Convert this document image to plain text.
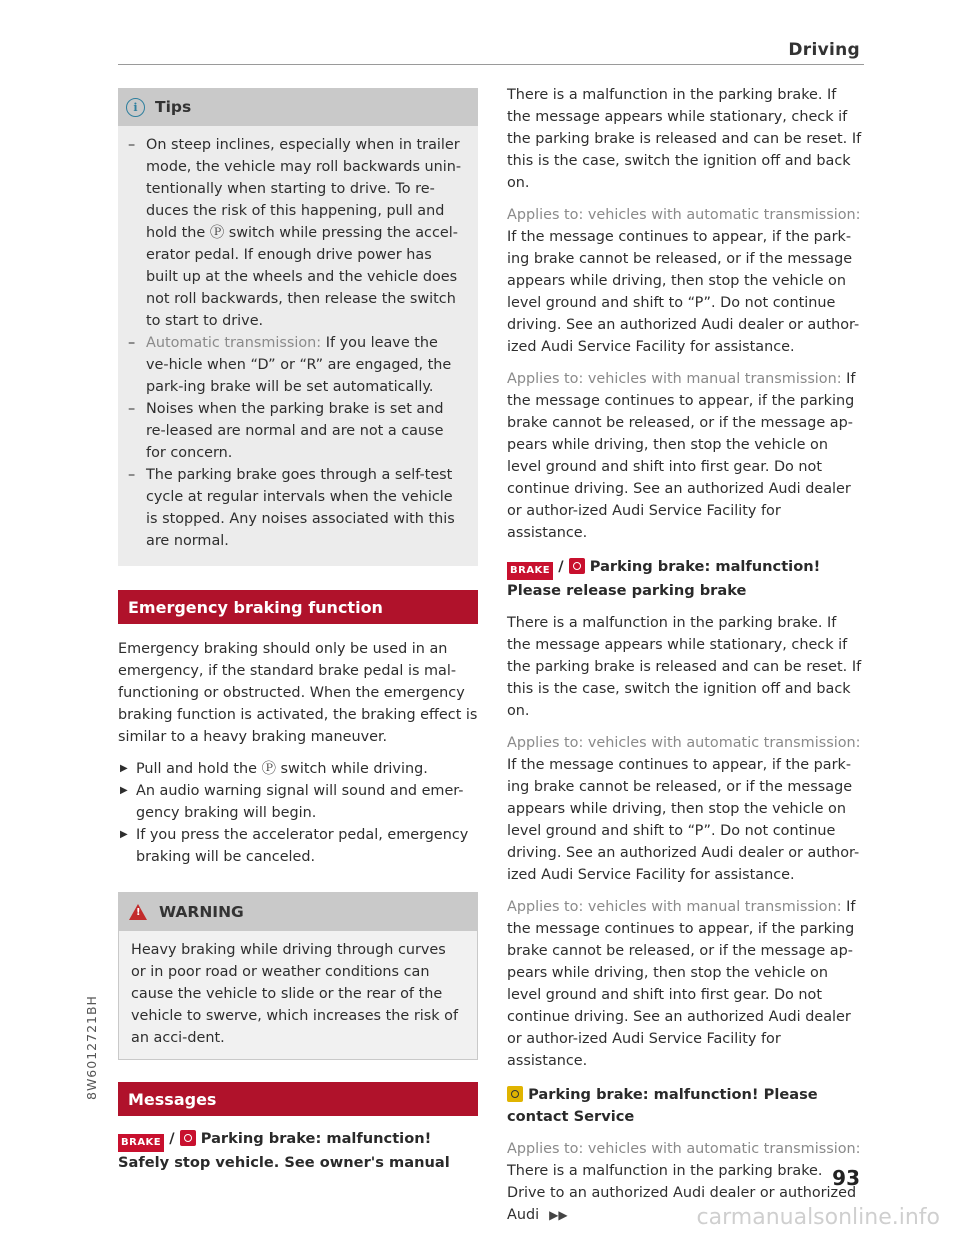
Driving
i	Tips
– On steep inclines, especially when in trailer mode, the vehicle may roll backwards unin-tentionally when starting to drive. To re-duces the risk of this happening, pull and hold the Ⓟ switch while pressing the accel-erator pedal. If enough drive power has built up at the wheels and the vehicle does not roll backwards, then release the switch to start to drive.
– Automatic transmission: If you leave the ve-hicle when “D” or “R” are engaged, the park-ing brake will be set automatically.
– Noises when the parking brake is set and re-leased are normal and are not a cause for concern.
– The parking brake goes through a self-test cycle at regular intervals when the vehicle is stopped. Any noises associated with this are normal.
Emergency braking function

Emergency braking should only be used in an emergency, if the standard brake pedal is mal-functioning or obstructed. When the emergency braking function is activated, the braking effect is similar to a heavy braking maneuver.

▶ Pull and hold the Ⓟ switch while driving.
▶ An audio warning signal will sound and emer-gency braking will begin.
▶ If you press the accelerator pedal, emergency braking will be canceled.
! WARNING
Heavy braking while driving through curves or in poor road or weather conditions can cause the vehicle to slide or the rear of the vehicle to swerve, which increases the risk of an acci-dent.
Messages
BRAKE / Parking brake: malfunction! Safely stop vehicle. See owner's manual

There is a malfunction in the parking brake. If the message appears while stationary, check if the parking brake is released and can be reset. If this is the case, switch the ignition off and back on.

Applies to: vehicles with automatic transmission: If the message continues to appear, if the park-ing brake cannot be released, or if the message appears while driving, then stop the vehicle on level ground and shift to “P”. Do not continue driving. See an authorized Audi dealer or author-ized Audi Service Facility for assistance.

Applies to: vehicles with manual transmission: If the message continues to appear, if the parking brake cannot be released, or if the message ap-pears while driving, then stop the vehicle on level ground and shift into first gear. Do not continue driving. See an authorized Audi dealer or author-ized Audi Service Facility for assistance.

BRAKE / Parking brake: malfunction! Please release parking brake

There is a malfunction in the parking brake. If the message appears while stationary, check if the parking brake is released and can be reset. If this is the case, switch the ignition off and back on.

Applies to: vehicles with automatic transmission: If the message continues to appear, if the park-ing brake cannot be released, or if the message appears while driving, then stop the vehicle on level ground and shift to “P”. Do not continue driving. See an authorized Audi dealer or author-ized Audi Service Facility for assistance.

Applies to: vehicles with manual transmission: If the message continues to appear, if the parking brake cannot be released, or if the message ap-pears while driving, then stop the vehicle on level ground and shift into first gear. Do not continue driving. See an authorized Audi dealer or author-ized Audi Service Facility for assistance.

Parking brake: malfunction! Please contact Service

Applies to: vehicles with automatic transmission: There is a malfunction in the parking brake. Drive to an authorized Audi dealer or authorized Audi ▶▶

8W6012721BH
93
carmanualsonline.info
